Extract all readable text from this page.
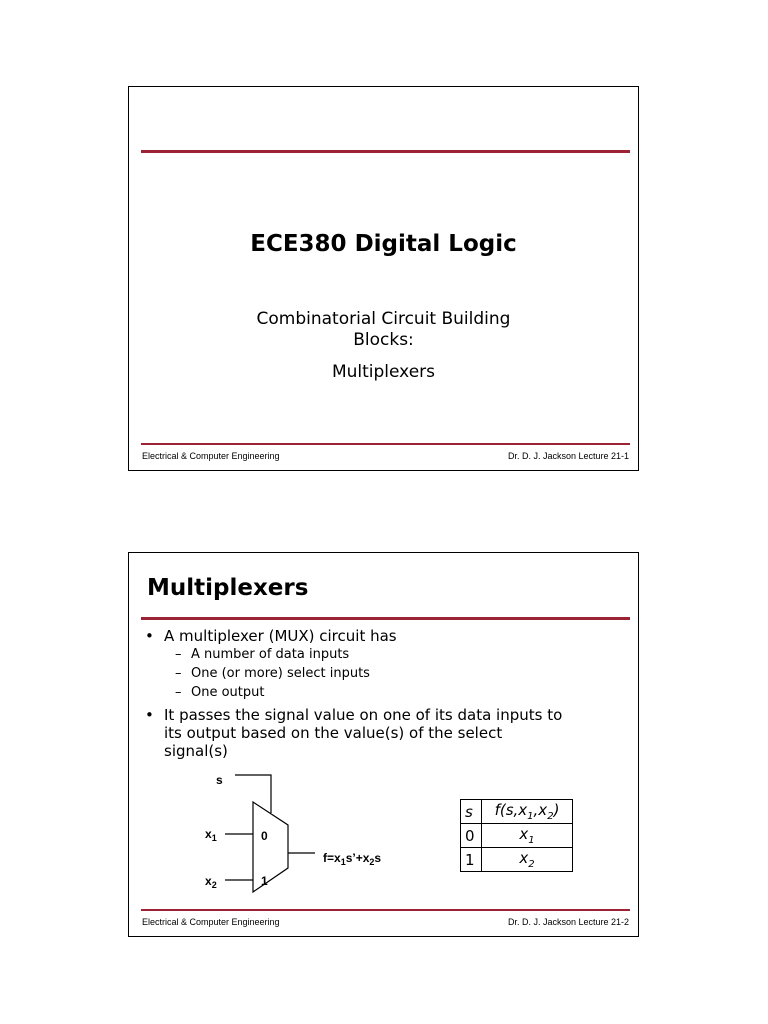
ECE380 Digital Logic
Combinatorial Circuit Building
Blocks:
Multiplexers
Electrical & Computer Engineering	Dr. D. J. Jackson Lecture 21-1
Multiplexers
• A multiplexer (MUX) circuit has
– A number of data inputs
– One (or more) select inputs
– One output
• It passes the signal value on one of its data inputs to
its output based on the value(s) of the select
signal(s)
s
$x_1$
$x_2$
0
1
$f=x_1s’+x_2s$
s	$f(s,x_1,x_2)$
0	$x_1$
1	$x_2$
Electrical & Computer Engineering	Dr. D. J. Jackson Lecture 21-2
